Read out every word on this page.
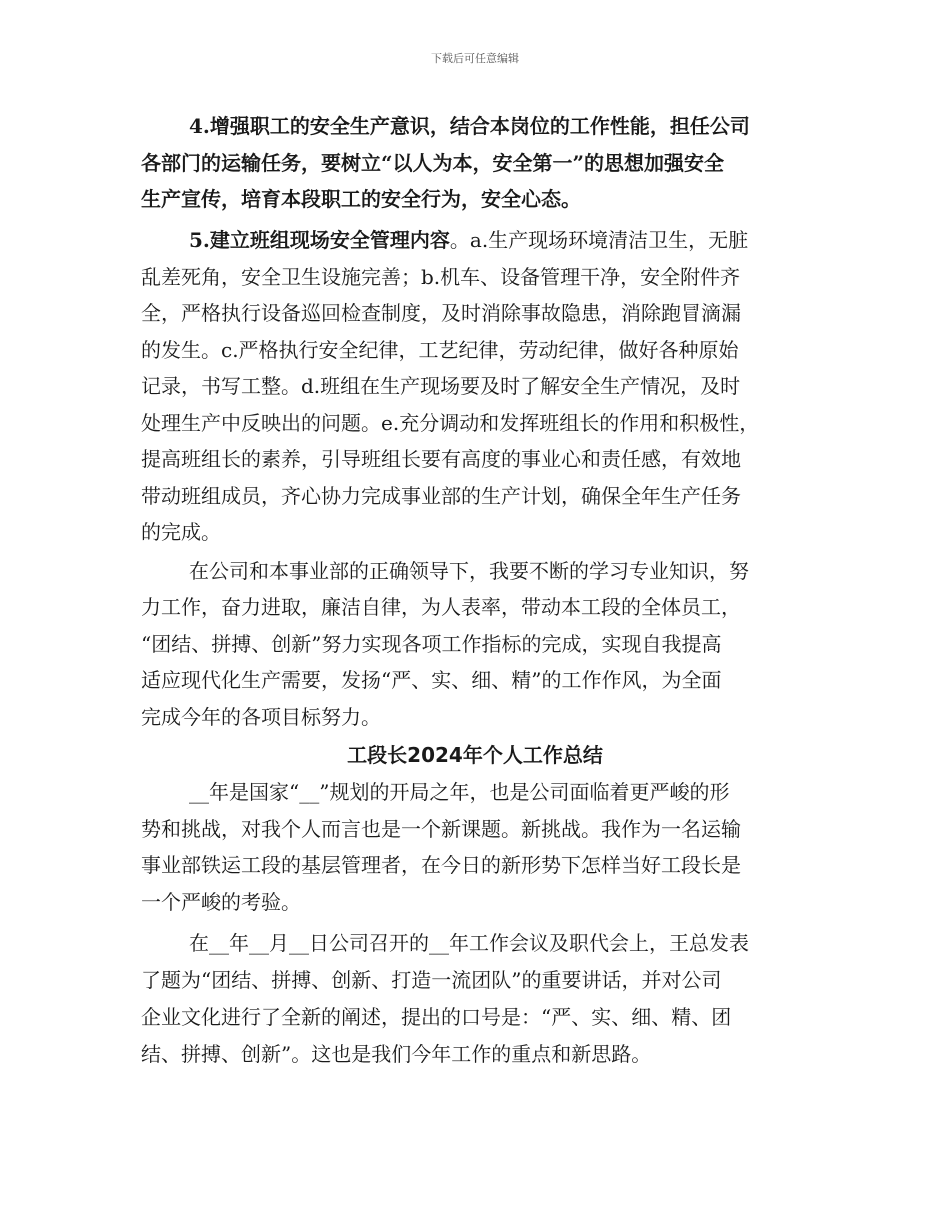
下载后可任意编辑
4.增强职工的安全生产意识，结合本岗位的工作性能，担任公司
各部门的运输任务，要树立“以人为本，安全第一”的思想加强安全
生产宣传，培育本段职工的安全行为，安全心态。
5.建立班组现场安全管理内容。a.生产现场环境清洁卫生，无脏
乱差死角，安全卫生设施完善；b.机车、设备管理干净，安全附件齐
全，严格执行设备巡回检查制度，及时消除事故隐患，消除跑冒滴漏
的发生。c.严格执行安全纪律，工艺纪律，劳动纪律，做好各种原始
记录，书写工整。d.班组在生产现场要及时了解安全生产情况，及时
处理生产中反映出的问题。e.充分调动和发挥班组长的作用和积极性，
提高班组长的素养，引导班组长要有高度的事业心和责任感，有效地
带动班组成员，齐心协力完成事业部的生产计划，确保全年生产任务
的完成。
在公司和本事业部的正确领导下，我要不断的学习专业知识，努
力工作，奋力进取，廉洁自律，为人表率，带动本工段的全体员工，
“团结、拼搏、创新”努力实现各项工作指标的完成，实现自我提高
适应现代化生产需要，发扬“严、实、细、精”的工作作风，为全面
完成今年的各项目标努力。
工段长2024年个人工作总结
__年是国家“__”规划的开局之年，也是公司面临着更严峻的形
势和挑战，对我个人而言也是一个新课题。新挑战。我作为一名运输
事业部铁运工段的基层管理者，在今日的新形势下怎样当好工段长是
一个严峻的考验。
在__年__月__日公司召开的__年工作会议及职代会上，王总发表
了题为“团结、拼搏、创新、打造一流团队”的重要讲话，并对公司
企业文化进行了全新的阐述，提出的口号是：“严、实、细、精、团
结、拼搏、创新”。这也是我们今年工作的重点和新思路。
